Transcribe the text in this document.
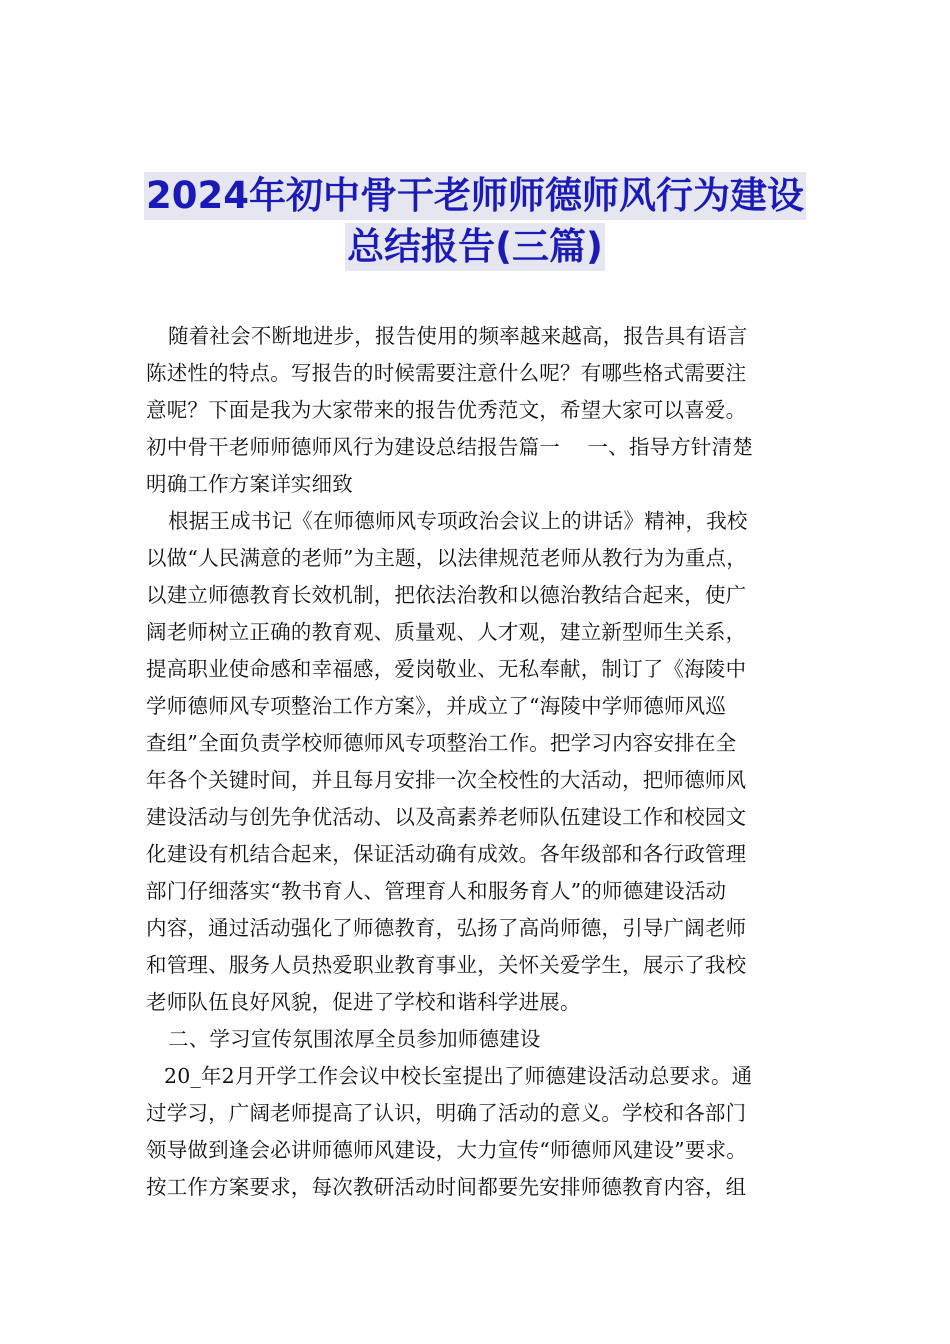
2024年初中骨干老师师德师风行为建设
总结报告(三篇)
随着社会不断地进步，报告使用的频率越来越高，报告具有语言
陈述性的特点。写报告的时候需要注意什么呢？有哪些格式需要注
意呢？下面是我为大家带来的报告优秀范文，希望大家可以喜爱。
初中骨干老师师德师风行为建设总结报告篇一　 一、指导方针清楚
明确工作方案详实细致
根据王成书记《在师德师风专项政治会议上的讲话》精神，我校
以做“人民满意的老师”为主题，以法律规范老师从教行为为重点，
以建立师德教育长效机制，把依法治教和以德治教结合起来，使广
阔老师树立正确的教育观、质量观、人才观，建立新型师生关系，
提高职业使命感和幸福感，爱岗敬业、无私奉献，制订了《海陵中
学师德师风专项整治工作方案》，并成立了“海陵中学师德师风巡
查组”全面负责学校师德师风专项整治工作。把学习内容安排在全
年各个关键时间，并且每月安排一次全校性的大活动，把师德师风
建设活动与创先争优活动、以及高素养老师队伍建设工作和校园文
化建设有机结合起来，保证活动确有成效。各年级部和各行政管理
部门仔细落实“教书育人、管理育人和服务育人”的师德建设活动
内容，通过活动强化了师德教育，弘扬了高尚师德，引导广阔老师
和管理、服务人员热爱职业教育事业，关怀关爱学生，展示了我校
老师队伍良好风貌，促进了学校和谐科学进展。
二、学习宣传氛围浓厚全员参加师德建设
20_年2月开学工作会议中校长室提出了师德建设活动总要求。通
过学习，广阔老师提高了认识，明确了活动的意义。学校和各部门
领导做到逢会必讲师德师风建设，大力宣传“师德师风建设”要求。
按工作方案要求，每次教研活动时间都要先安排师德教育内容，组
